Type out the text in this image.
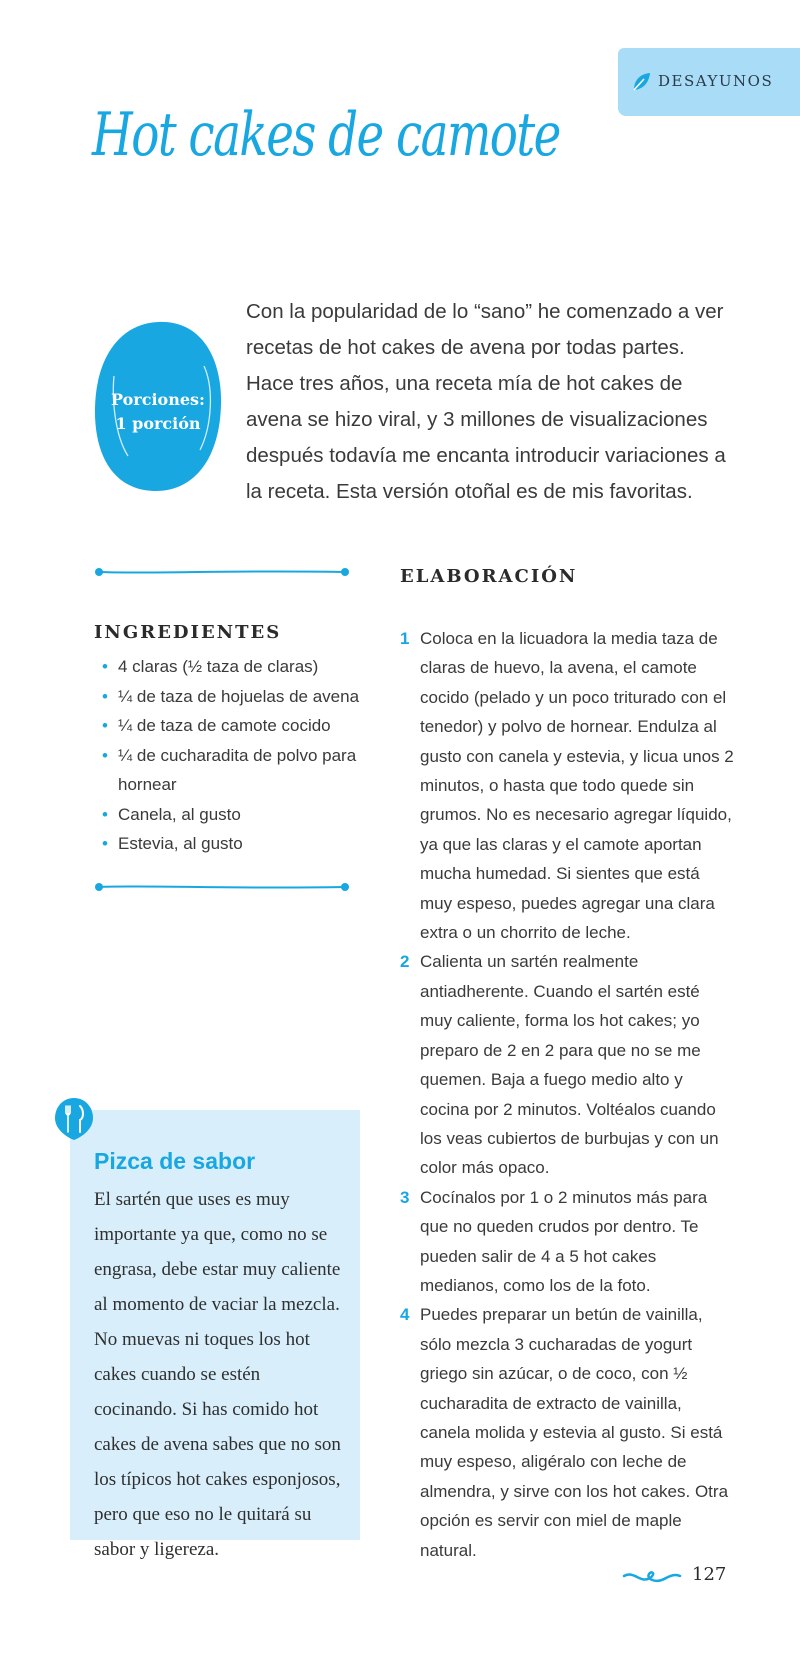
DESAYUNOS
Hot cakes de camote
Porciones:
1 porción
Con la popularidad de lo “sano” he comenzado a ver recetas de hot cakes de avena por todas partes. Hace tres años, una receta mía de hot cakes de avena se hizo viral, y 3 millones de visualizaciones después todavía me encanta introducir variaciones a la receta. Esta versión otoñal es de mis favoritas.
INGREDIENTES
• 4 claras (½ taza de claras)
• ¼ de taza de hojuelas de avena
• ¼ de taza de camote cocido
• ¼ de cucharadita de polvo para hornear
• Canela, al gusto
• Estevia, al gusto
ELABORACIÓN
1 Coloca en la licuadora la media taza de claras de huevo, la avena, el camote cocido (pelado y un poco triturado con el tenedor) y polvo de hornear. Endulza al gusto con canela y estevia, y licua unos 2 minutos, o hasta que todo quede sin grumos. No es necesario agregar líquido, ya que las claras y el camote aportan mucha humedad. Si sientes que está muy espeso, puedes agregar una clara extra o un chorrito de leche.
2 Calienta un sartén realmente antiadherente. Cuando el sartén esté muy caliente, forma los hot cakes; yo preparo de 2 en 2 para que no se me quemen. Baja a fuego medio alto y cocina por 2 minutos. Voltéalos cuando los veas cubiertos de burbujas y con un color más opaco.
3 Cocínalos por 1 o 2 minutos más para que no queden crudos por dentro. Te pueden salir de 4 a 5 hot cakes medianos, como los de la foto.
4 Puedes preparar un betún de vainilla, sólo mezcla 3 cucharadas de yogurt griego sin azúcar, o de coco, con ½ cucharadita de extracto de vainilla, canela molida y estevia al gusto. Si está muy espeso, aligéralo con leche de almendra, y sirve con los hot cakes. Otra opción es servir con miel de maple natural.
Pizca de sabor
El sartén que uses es muy importante ya que, como no se engrasa, debe estar muy caliente al momento de vaciar la mezcla. No muevas ni toques los hot cakes cuando se estén cocinando. Si has comido hot cakes de avena sabes que no son los típicos hot cakes esponjosos, pero que eso no le quitará su sabor y ligereza.
127
